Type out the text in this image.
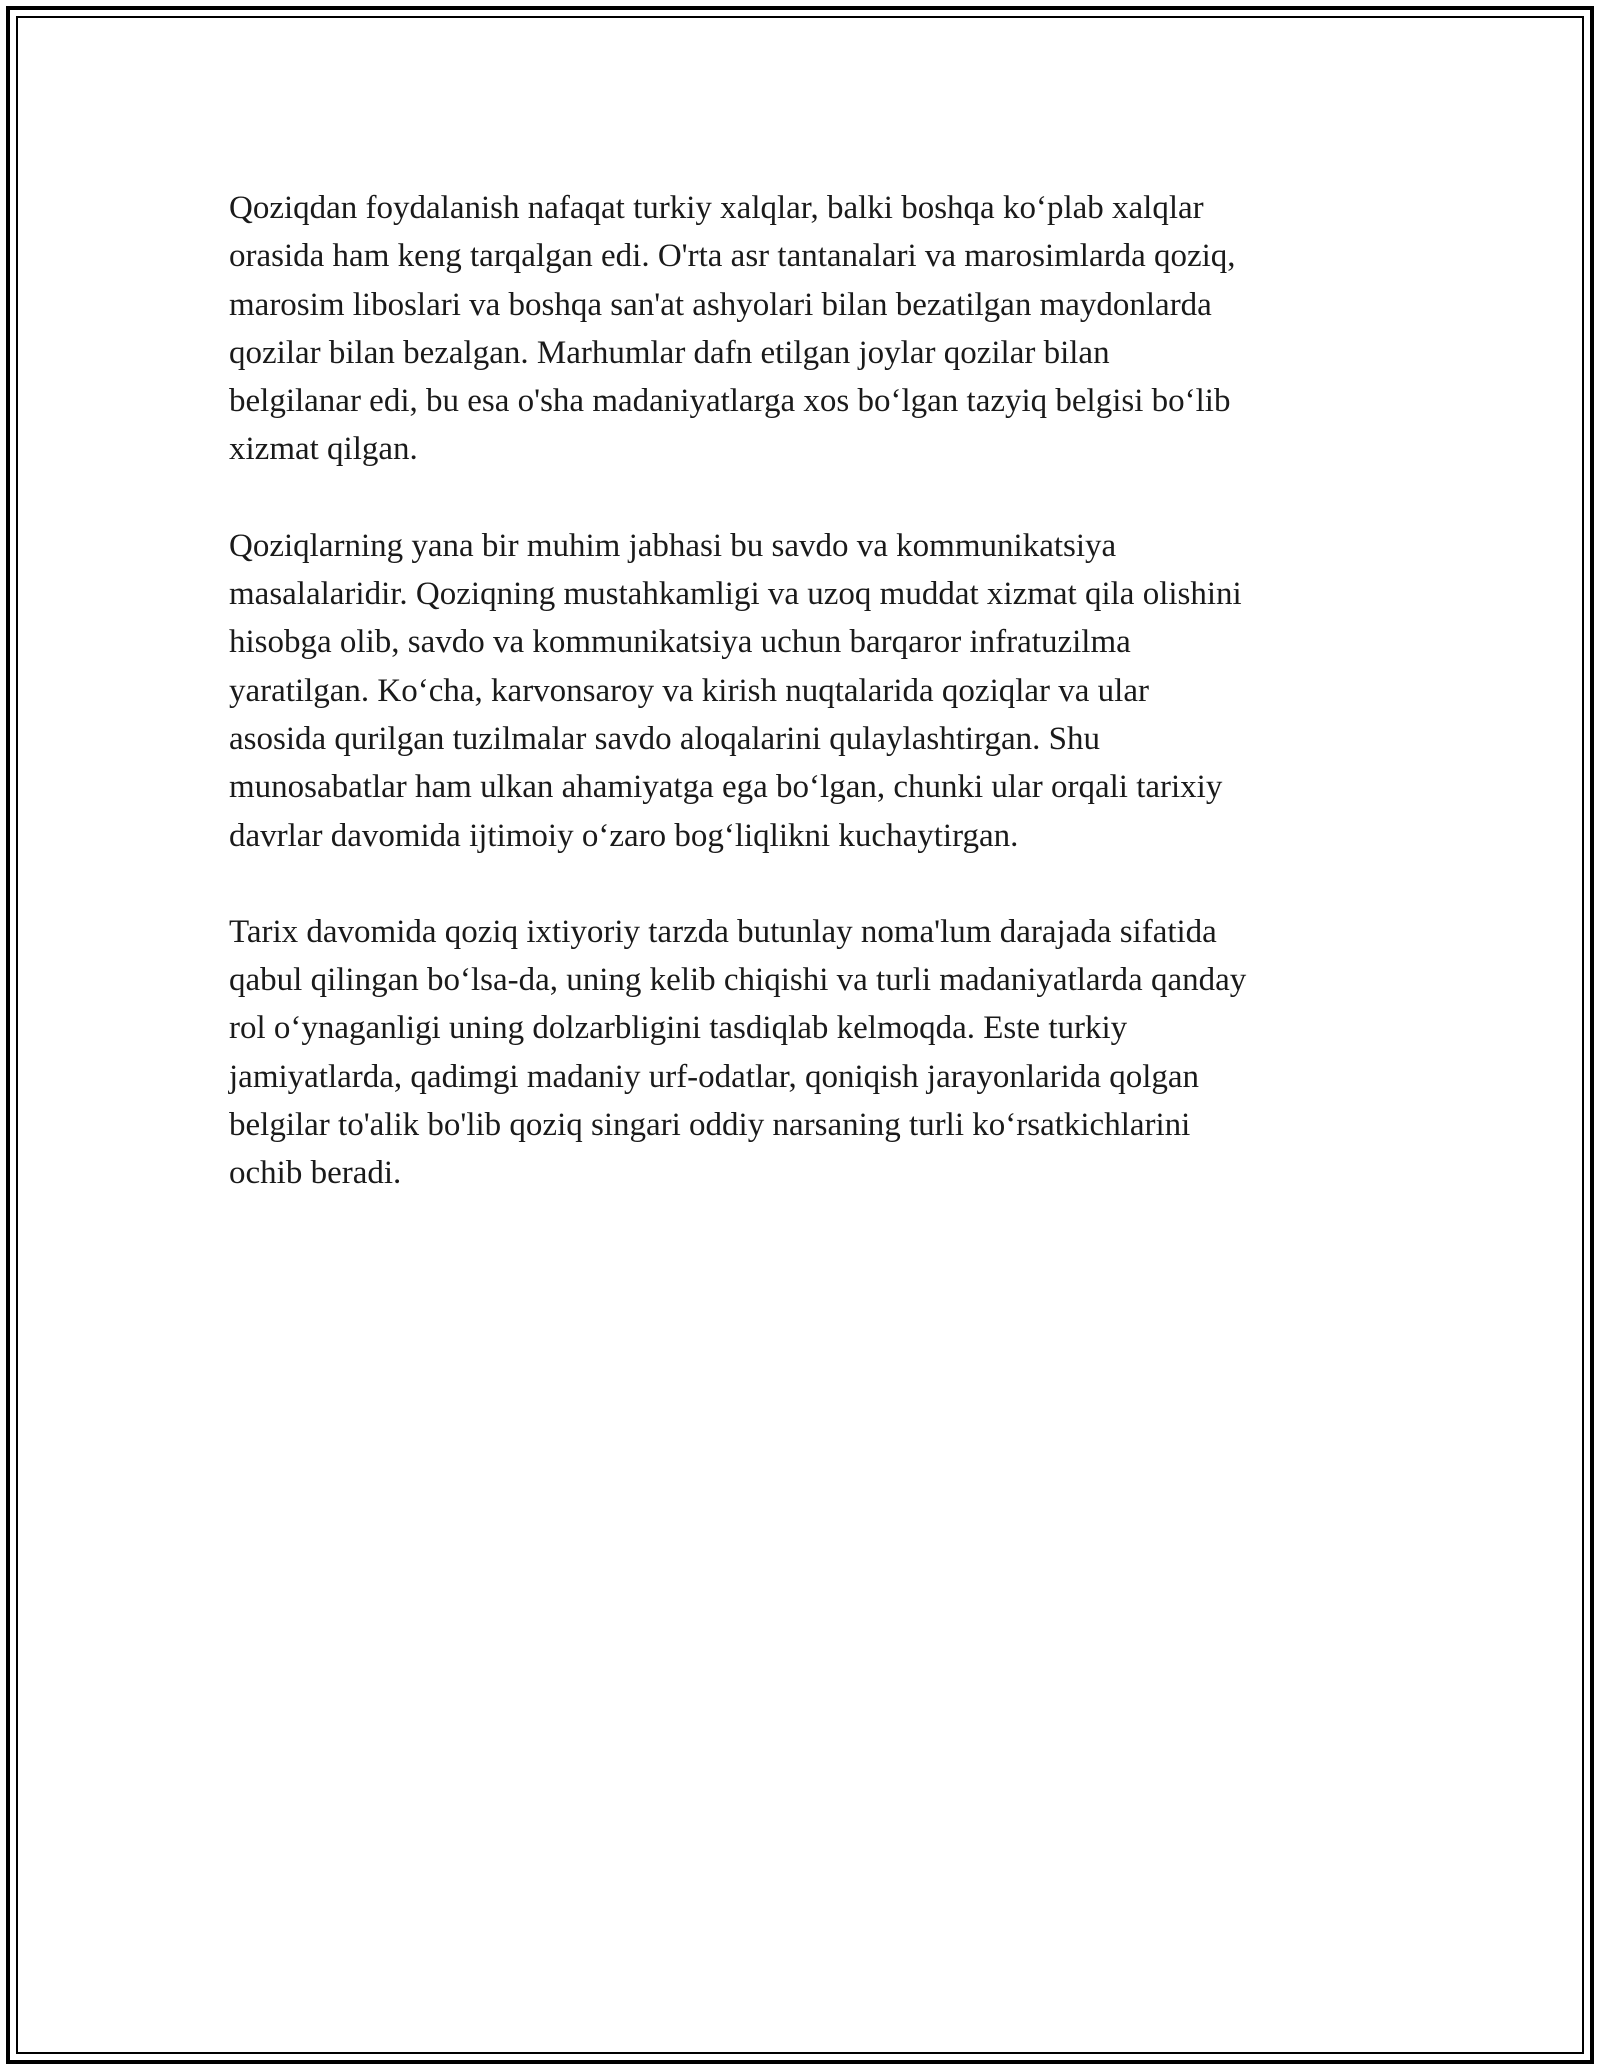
Qoziqdan foydalanish nafaqat turkiy xalqlar, balki boshqa ko‘plab xalqlar
orasida ham keng tarqalgan edi. O'rta asr tantanalari va marosimlarda qoziq,
marosim liboslari va boshqa san'at ashyolari bilan bezatilgan maydonlarda
qozilar bilan bezalgan. Marhumlar dafn etilgan joylar qozilar bilan
belgilanar edi, bu esa o'sha madaniyatlarga xos bo‘lgan tazyiq belgisi bo‘lib
xizmat qilgan.

Qoziqlarning yana bir muhim jabhasi bu savdo va kommunikatsiya
masalalaridir. Qoziqning mustahkamligi va uzoq muddat xizmat qila olishini
hisobga olib, savdo va kommunikatsiya uchun barqaror infratuzilma
yaratilgan. Ko‘cha, karvonsaroy va kirish nuqtalarida qoziqlar va ular
asosida qurilgan tuzilmalar savdo aloqalarini qulaylashtirgan. Shu
munosabatlar ham ulkan ahamiyatga ega bo‘lgan, chunki ular orqali tarixiy
davrlar davomida ijtimoiy o‘zaro bog‘liqlikni kuchaytirgan.

Tarix davomida qoziq ixtiyoriy tarzda butunlay noma'lum darajada sifatida
qabul qilingan bo‘lsa-da, uning kelib chiqishi va turli madaniyatlarda qanday
rol o‘ynaganligi uning dolzarbligini tasdiqlab kelmoqda. Este turkiy
jamiyatlarda, qadimgi madaniy urf-odatlar, qoniqish jarayonlarida qolgan
belgilar to'alik bo'lib qoziq singari oddiy narsaning turli ko‘rsatkichlarini
ochib beradi.
